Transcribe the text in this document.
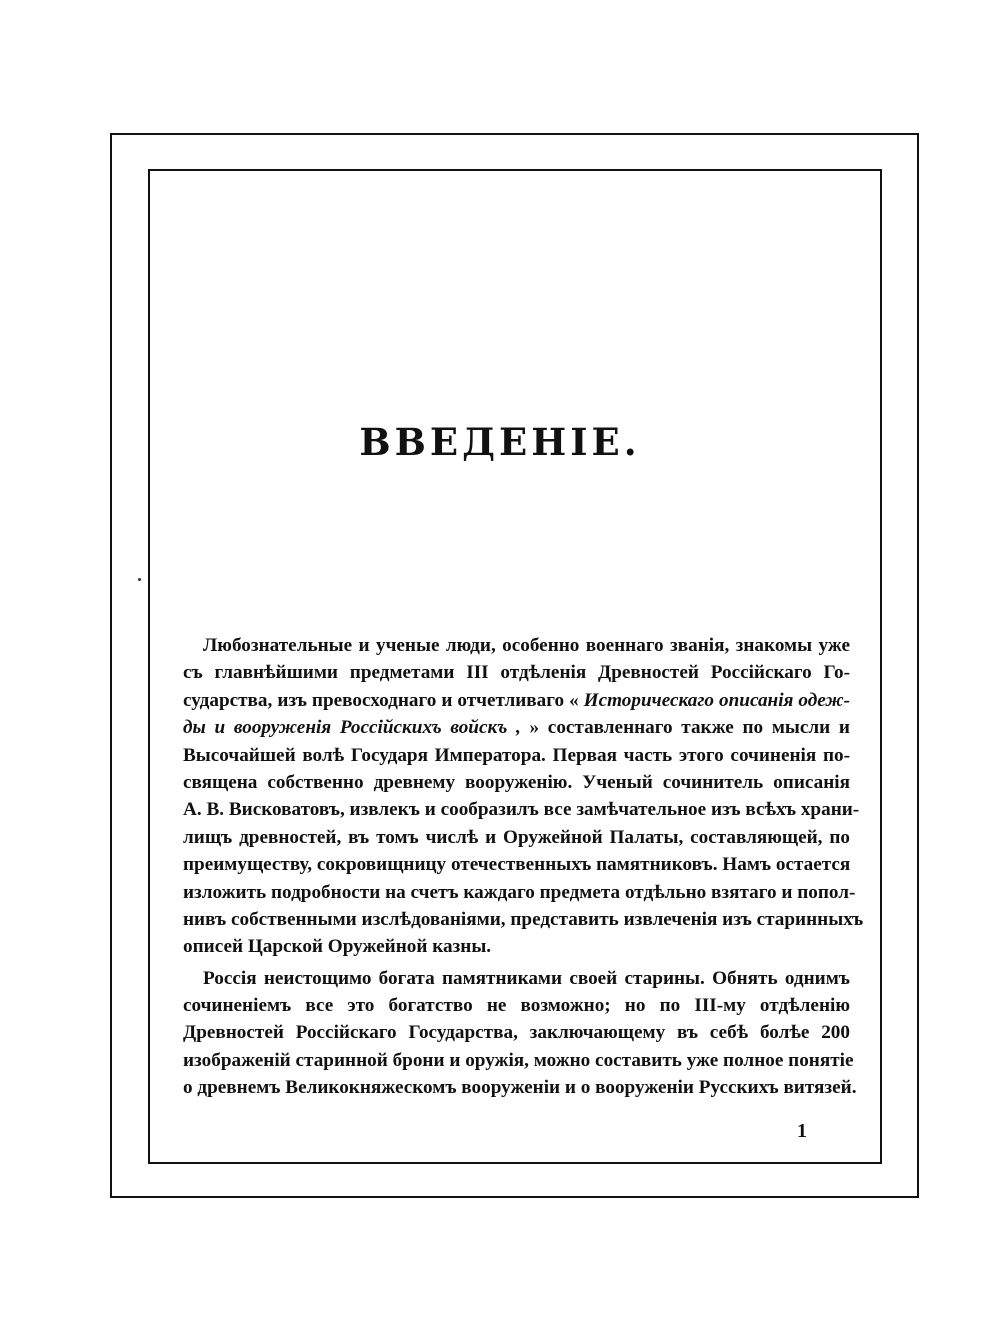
ВВЕДЕНІЕ.
Любознательные и ученые люди, особенно военнаго званія, знакомы уже
съ главнѣйшими предметами III отдѣленія Древностей Россійскаго Го-
сударства, изъ превосходнаго и отчетливаго « Историческаго описанія одеж-
ды и вооруженія Россійскихъ войскъ , » составленнаго также по мысли и
Высочайшей волѣ Государя Императора. Первая часть этого сочиненія по-
священа собственно древнему вооруженію. Ученый сочинитель описанія
А. В. Висковатовъ, извлекъ и сообразилъ все замѣчательное изъ всѣхъ храни-
лищъ древностей, въ томъ числѣ и Оружейной Палаты, составляющей, по
преимуществу, сокровищницу отечественныхъ памятниковъ. Намъ остается
изложить подробности на счетъ каждаго предмета отдѣльно взятаго и попол-
нивъ собственными изслѣдованіями, представить извлеченія изъ старинныхъ
описей Царской Оружейной казны.
Россія неистощимо богата памятниками своей старины. Обнять однимъ
сочиненіемъ все это богатство не возможно; но по III-му отдѣленію
Древностей Россійскаго Государства, заключающему въ себѣ болѣе 200
изображеній старинной брони и оружія, можно составить уже полное понятіе
о древнемъ Великокняжескомъ вооруженіи и о вооруженіи Русскихъ витязей.
1
